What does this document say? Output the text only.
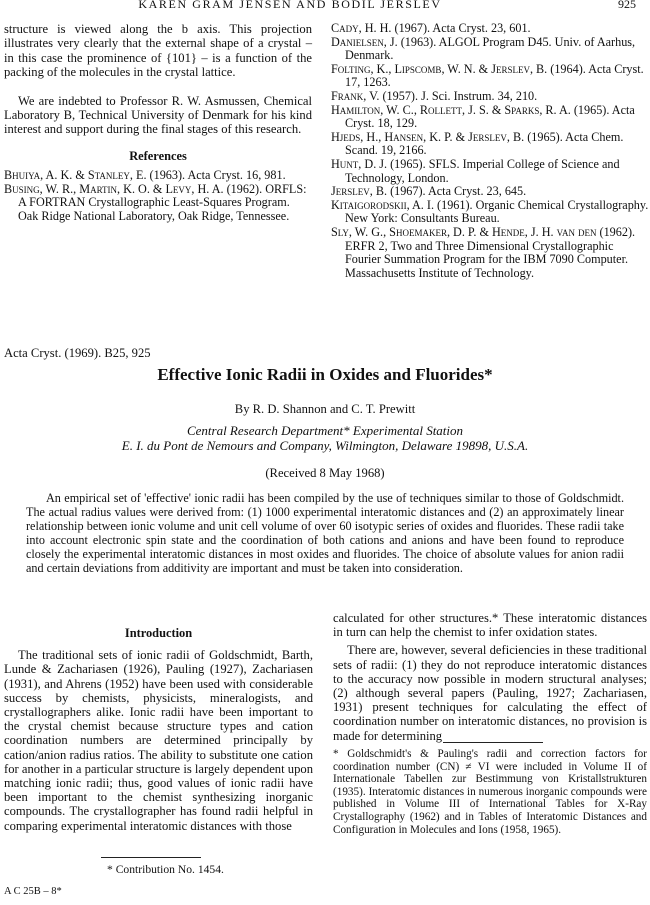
KAREN GRAM JENSEN AND BODIL JERSLEV	925

structure is viewed along the b axis. This projection illustrates very clearly that the external shape of a crystal – in this case the prominence of {101} – is a function of the packing of the molecules in the crystal lattice.

We are indebted to Professor R. W. Asmussen, Chemical Laboratory B, Technical University of Denmark for his kind interest and support during the final stages of this research.

References

Bhuiya, A. K. & Stanley, E. (1963). Acta Cryst. 16, 981.

Busing, W. R., Martin, K. O. & Levy, H. A. (1962). ORFLS: A FORTRAN Crystallographic Least-Squares Program. Oak Ridge National Laboratory, Oak Ridge, Tennessee.

Cady, H. H. (1967). Acta Cryst. 23, 601.

Danielsen, J. (1963). ALGOL Program D45. Univ. of Aarhus, Denmark.

Folting, K., Lipscomb, W. N. & Jerslev, B. (1964). Acta Cryst. 17, 1263.

Frank, V. (1957). J. Sci. Instrum. 34, 210.

Hamilton, W. C., Rollett, J. S. & Sparks, R. A. (1965). Acta Cryst. 18, 129.

Hjeds, H., Hansen, K. P. & Jerslev, B. (1965). Acta Chem. Scand. 19, 2166.

Hunt, D. J. (1965). SFLS. Imperial College of Science and Technology, London.

Jerslev, B. (1967). Acta Cryst. 23, 645.

Kitaigorodskii, A. I. (1961). Organic Chemical Crystallography. New York: Consultants Bureau.

Sly, W. G., Shoemaker, D. P. & Hende, J. H. van den (1962). ERFR 2, Two and Three Dimensional Crystallographic Fourier Summation Program for the IBM 7090 Computer. Massachusetts Institute of Technology.

Acta Cryst. (1969). B25, 925
Effective Ionic Radii in Oxides and Fluorides*
By R. D. Shannon and C. T. Prewitt
Central Research Department* Experimental Station
E. I. du Pont de Nemours and Company, Wilmington, Delaware 19898, U.S.A.
(Received 8 May 1968)

An empirical set of 'effective' ionic radii has been compiled by the use of techniques similar to those of Goldschmidt. The actual radius values were derived from: (1) 1000 experimental interatomic distances and (2) an approximately linear relationship between ionic volume and unit cell volume of over 60 isotypic series of oxides and fluorides. These radii take into account electronic spin state and the coordination of both cations and anions and have been found to reproduce closely the experimental interatomic distances in most oxides and fluorides. The choice of absolute values for anion radii and certain deviations from additivity are important and must be taken into consideration.

Introduction

The traditional sets of ionic radii of Goldschmidt, Barth, Lunde & Zachariasen (1926), Pauling (1927), Zachariasen (1931), and Ahrens (1952) have been used with considerable success by chemists, physicists, mineralogists, and crystallographers alike. Ionic radii have been important to the crystal chemist because structure types and cation coordination numbers are determined principally by cation/anion radius ratios. The ability to substitute one cation for another in a particular structure is largely dependent upon matching ionic radii; thus, good values of ionic radii have been important to the chemist synthesizing inorganic compounds. The crystallographer has found radii helpful in comparing experimental interatomic distances with those

calculated for other structures.* These interatomic distances in turn can help the chemist to infer oxidation states.

There are, however, several deficiencies in these traditional sets of radii: (1) they do not reproduce interatomic distances to the accuracy now possible in modern structural analyses; (2) although several papers (Pauling, 1927; Zachariasen, 1931) present techniques for calculating the effect of coordination number on interatomic distances, no provision is made for determining

* Goldschmidt's & Pauling's radii and correction factors for coordination number (CN) ≠ VI were included in Volume II of Internationale Tabellen zur Bestimmung von Kristallstrukturen (1935). Interatomic distances in numerous inorganic compounds were published in Volume III of International Tables for X-Ray Crystallography (1962) and in Tables of Interatomic Distances and Configuration in Molecules and Ions (1958, 1965).

* Contribution No. 1454.
A C 25B – 8*
